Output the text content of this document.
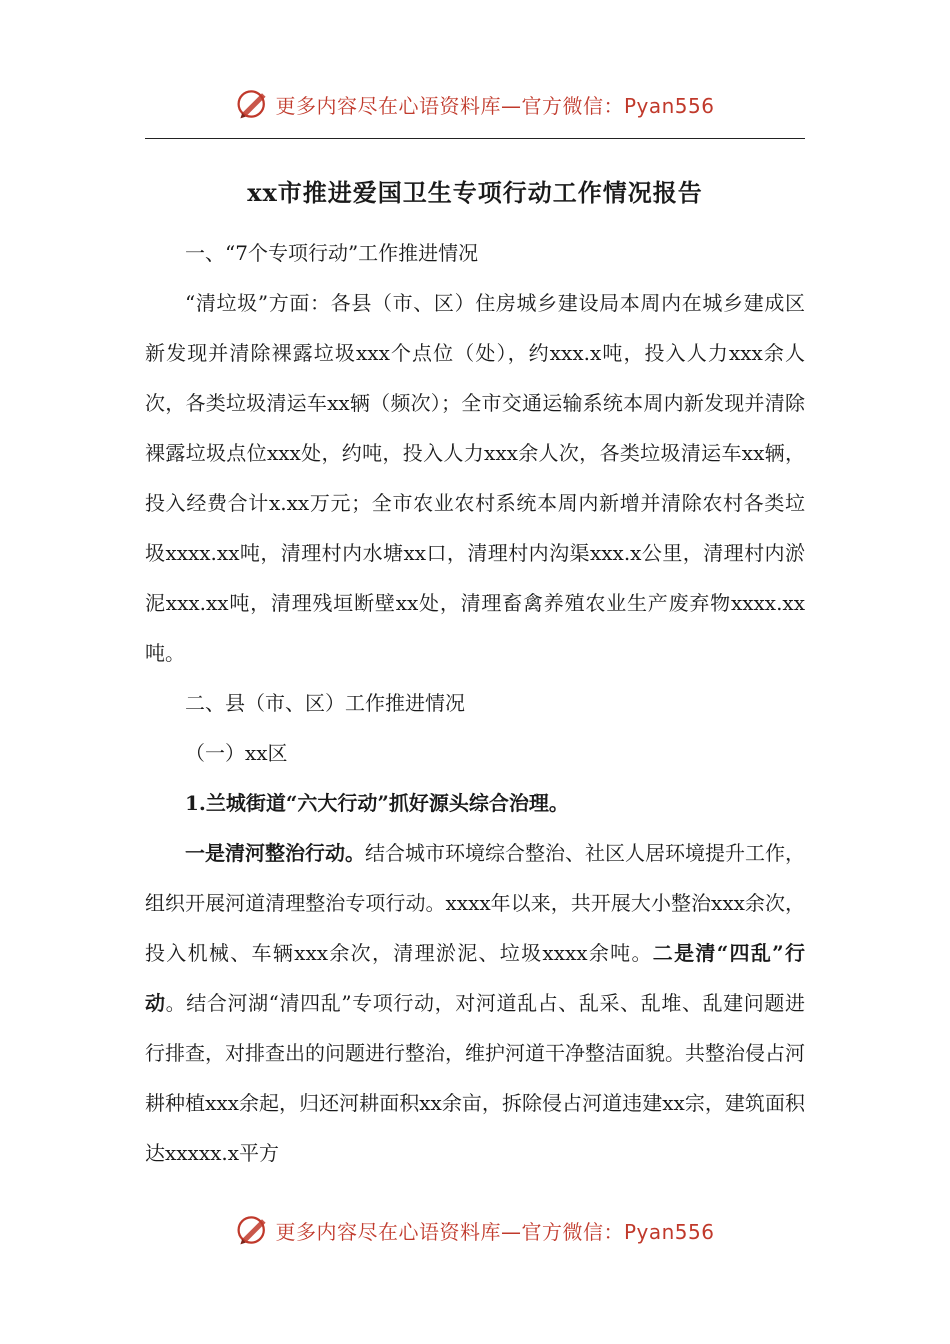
更多内容尽在心语资料库—官方微信：Pyan556
xx市推进爱国卫生专项行动工作情况报告

一、“7个专项行动”工作推进情况

“清垃圾”方面：各县（市、区）住房城乡建设局本周内在城乡建成区新发现并清除裸露垃圾xxx个点位（处），约xxx.x吨，投入人力xxx余人次，各类垃圾清运车xx辆（频次）；全市交通运输系统本周内新发现并清除裸露垃圾点位xxx处，约吨，投入人力xxx余人次，各类垃圾清运车xx辆，投入经费合计x.xx万元；全市农业农村系统本周内新增并清除农村各类垃圾xxxx.xx吨，清理村内水塘xx口，清理村内沟渠xxx.x公里，清理村内淤泥xxx.xx吨，清理残垣断壁xx处，清理畜禽养殖农业生产废弃物xxxx.xx吨。

二、县（市、区）工作推进情况

（一）xx区

1.兰城街道“六大行动”抓好源头综合治理。

一是清河整治行动。结合城市环境综合整治、社区人居环境提升工作，组织开展河道清理整治专项行动。xxxx年以来，共开展大小整治xxx余次，投入机械、车辆xxx余次，清理淤泥、垃圾xxxx余吨。二是清“四乱”行动。结合河湖“清四乱”专项行动，对河道乱占、乱采、乱堆、乱建问题进行排查，对排查出的问题进行整治，维护河道干净整洁面貌。共整治侵占河耕种植xxx余起，归还河耕面积xx余亩，拆除侵占河道违建xx宗，建筑面积达xxxxx.x平方

更多内容尽在心语资料库—官方微信：Pyan556
